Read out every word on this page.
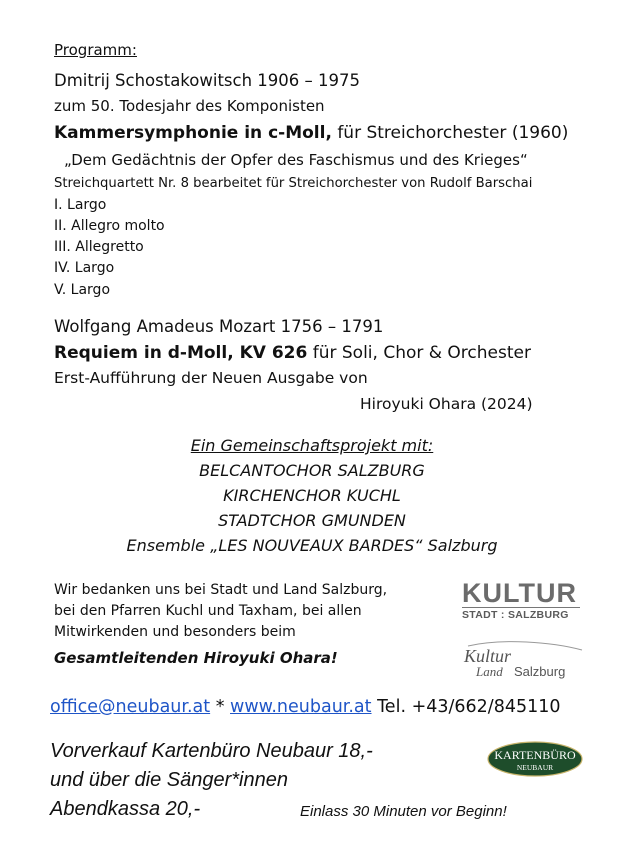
Programm:
Dmitrij Schostakowitsch 1906 – 1975
zum 50. Todesjahr des Komponisten
Kammersymphonie in c-Moll, für Streichorchester (1960)
„Dem Gedächtnis der Opfer des Faschismus und des Krieges“
Streichquartett Nr. 8 bearbeitet für Streichorchester von Rudolf Barschai
I. Largo
II. Allegro molto
III. Allegretto
IV. Largo
V. Largo
Wolfgang Amadeus Mozart 1756 – 1791
Requiem in d-Moll, KV 626 für Soli, Chor & Orchester
Erst-Aufführung der Neuen Ausgabe von
Hiroyuki Ohara (2024)
Ein Gemeinschaftsprojekt mit:
BELCANTOCHOR SALZBURG
KIRCHENCHOR KUCHL
STADTCHOR GMUNDEN
Ensemble „LES NOUVEAUX BARDES“ Salzburg
Wir bedanken uns bei Stadt und Land Salzburg,
bei den Pfarren Kuchl und Taxham, bei allen
Mitwirkenden und besonders beim
Gesamtleitenden Hiroyuki Ohara!
KULTUR
STADT : SALZBURG
Kultur
Land Salzburg
office@neubaur.at * www.neubaur.at Tel. +43/662/845110
Vorverkauf Kartenbüro Neubaur 18,-
und über die Sänger*innen
Abendkassa 20,-	Einlass 30 Minuten vor Beginn!
KARTENBÜRO
NEUBAUR
